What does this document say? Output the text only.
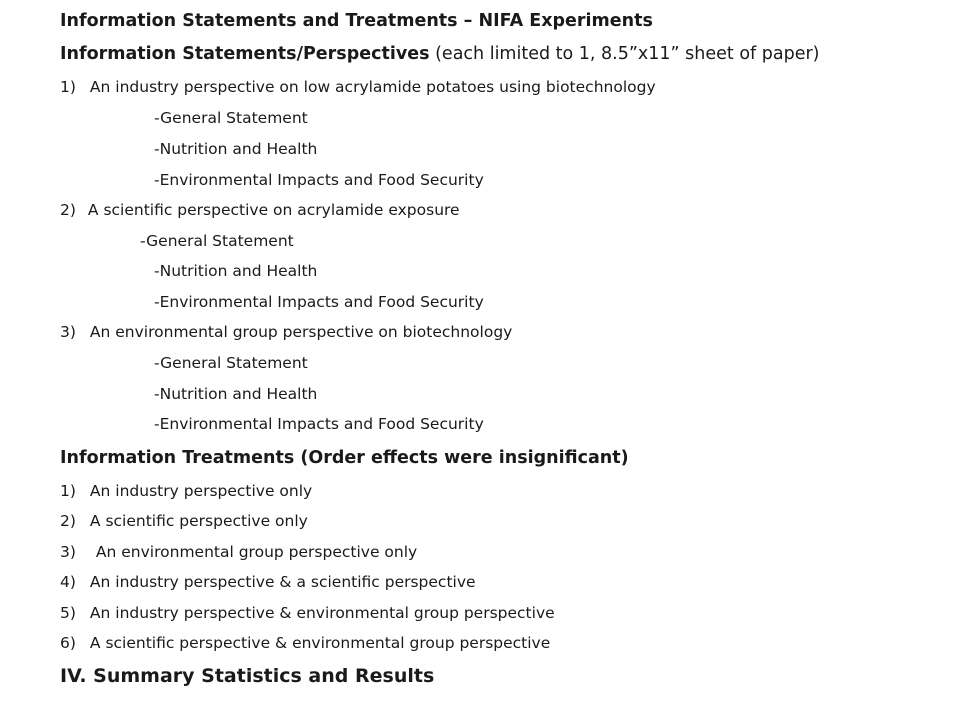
Information Statements and Treatments – NIFA Experiments
Information Statements/Perspectives (each limited to 1, 8.5”x11” sheet of paper)
1) An industry perspective on low acrylamide potatoes using biotechnology
-General Statement
-Nutrition and Health
-Environmental Impacts and Food Security
2) A scientific perspective on acrylamide exposure
-General Statement
-Nutrition and Health
-Environmental Impacts and Food Security
3) An environmental group perspective on biotechnology
-General Statement
-Nutrition and Health
-Environmental Impacts and Food Security
Information Treatments (Order effects were insignificant)
1) An industry perspective only
2) A scientific perspective only
3) An environmental group perspective only
4) An industry perspective & a scientific perspective
5) An industry perspective & environmental group perspective
6) A scientific perspective & environmental group perspective
IV. Summary Statistics and Results
